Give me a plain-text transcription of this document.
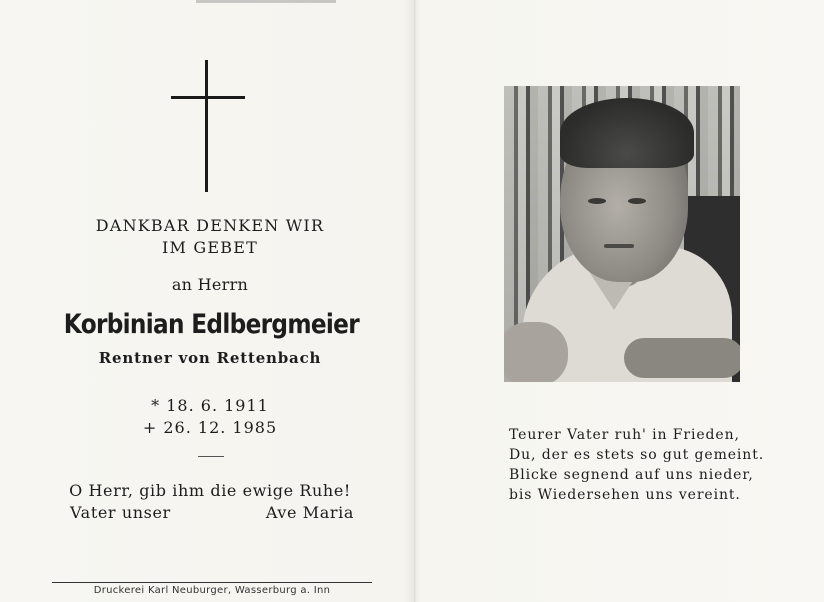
DANKBAR DENKEN WIR
IM GEBET
an Herrn
Korbinian Edlbergmeier
Rentner von Rettenbach
* 18. 6. 1911
+ 26. 12. 1985
O Herr, gib ihm die ewige Ruhe!
Vater unser	Ave Maria
Druckerei Karl Neuburger, Wasserburg a. Inn
Teurer Vater ruh' in Frieden,
Du, der es stets so gut gemeint.
Blicke segnend auf uns nieder,
bis Wiedersehen uns vereint.
